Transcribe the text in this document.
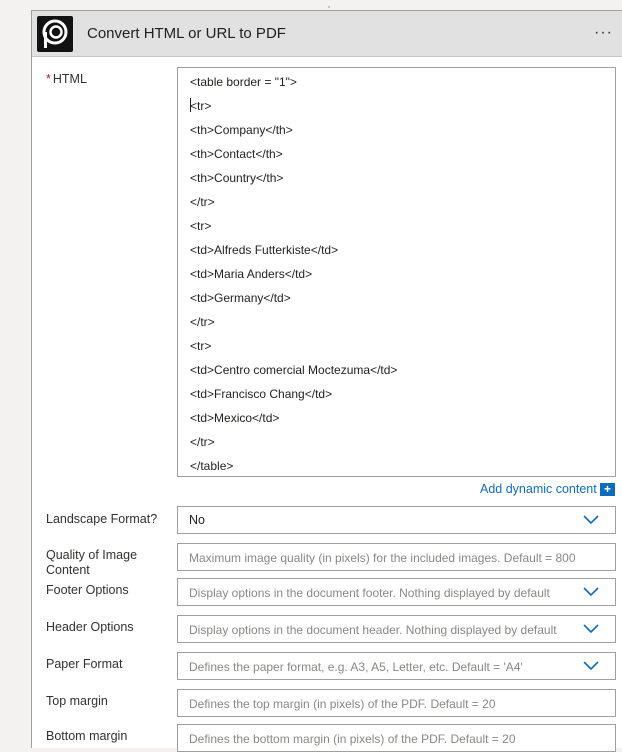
Convert HTML or URL to PDF	···
* HTML	<table border = "1">
<tr>
<th>Company</th>
<th>Contact</th>
<th>Country</th>
</tr>
<tr>
<td>Alfreds Futterkiste</td>
<td>Maria Anders</td>
<td>Germany</td>
</tr>
<tr>
<td>Centro comercial Moctezuma</td>
<td>Francisco Chang</td>
<td>Mexico</td>
</tr>
</table>
Add dynamic content +
Landscape Format?	No
Quality of Image Content
Maximum image quality (in pixels) for the included images. Default = 800
Footer Options	Display options in the document footer. Nothing displayed by default
Header Options	Display options in the document header. Nothing displayed by default
Paper Format	Defines the paper format, e.g. A3, A5, Letter, etc. Default = 'A4'
Top margin	Defines the top margin (in pixels) of the PDF. Default = 20
Bottom margin	Defines the bottom margin (in pixels) of the PDF. Default = 20
